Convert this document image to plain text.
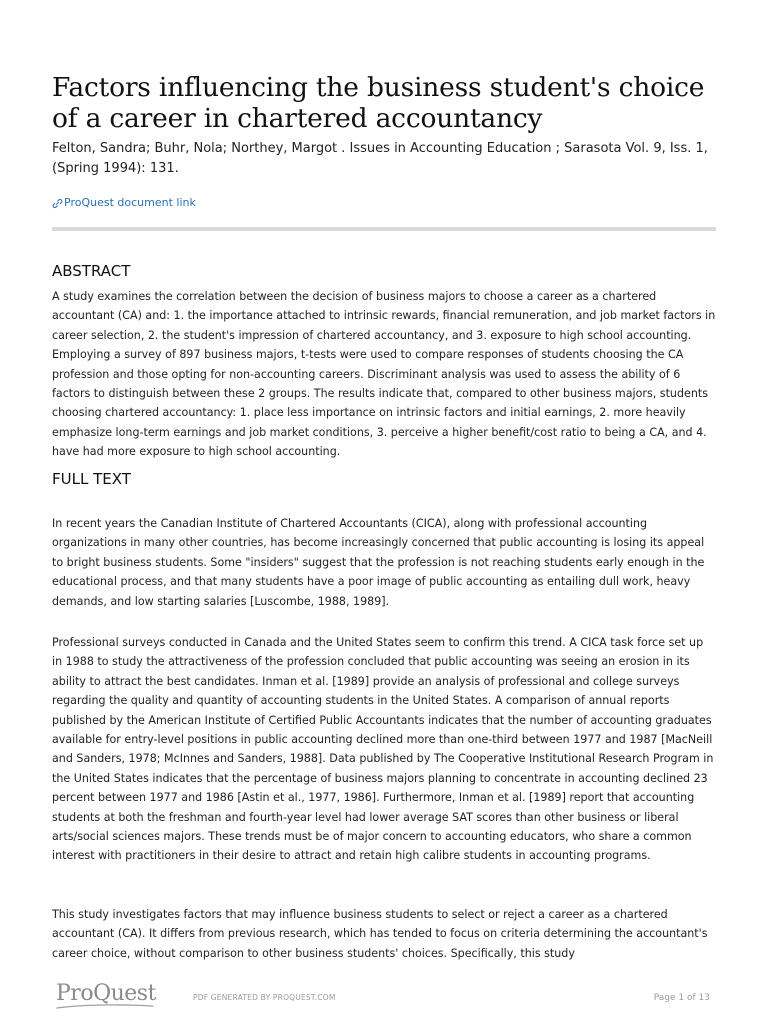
Factors influencing the business student's choice of a career in chartered accountancy

Felton, Sandra; Buhr, Nola; Northey, Margot . Issues in Accounting Education ; Sarasota Vol. 9, Iss. 1, (Spring 1994): 131.

ProQuest document link
ABSTRACT

A study examines the correlation between the decision of business majors to choose a career as a chartered accountant (CA) and: 1. the importance attached to intrinsic rewards, financial remuneration, and job market factors in career selection, 2. the student's impression of chartered accountancy, and 3. exposure to high school accounting. Employing a survey of 897 business majors, t-tests were used to compare responses of students choosing the CA profession and those opting for non-accounting careers. Discriminant analysis was used to assess the ability of 6 factors to distinguish between these 2 groups. The results indicate that, compared to other business majors, students choosing chartered accountancy: 1. place less importance on intrinsic factors and initial earnings, 2. more heavily emphasize long-term earnings and job market conditions, 3. perceive a higher benefit/cost ratio to being a CA, and 4. have had more exposure to high school accounting.

FULL TEXT

In recent years the Canadian Institute of Chartered Accountants (CICA), along with professional accounting organizations in many other countries, has become increasingly concerned that public accounting is losing its appeal to bright business students. Some "insiders" suggest that the profession is not reaching students early enough in the educational process, and that many students have a poor image of public accounting as entailing dull work, heavy demands, and low starting salaries [Luscombe, 1988, 1989].

Professional surveys conducted in Canada and the United States seem to confirm this trend. A CICA task force set up in 1988 to study the attractiveness of the profession concluded that public accounting was seeing an erosion in its ability to attract the best candidates. Inman et al. [1989] provide an analysis of professional and college surveys regarding the quality and quantity of accounting students in the United States. A comparison of annual reports published by the American Institute of Certified Public Accountants indicates that the number of accounting graduates available for entry-level positions in public accounting declined more than one-third between 1977 and 1987 [MacNeill and Sanders, 1978; McInnes and Sanders, 1988]. Data published by The Cooperative Institutional Research Program in the United States indicates that the percentage of business majors planning to concentrate in accounting declined 23 percent between 1977 and 1986 [Astin et al., 1977, 1986]. Furthermore, Inman et al. [1989] report that accounting students at both the freshman and fourth-year level had lower average SAT scores than other business or liberal arts/social sciences majors. These trends must be of major concern to accounting educators, who share a common interest with practitioners in their desire to attract and retain high calibre students in accounting programs.

This study investigates factors that may influence business students to select or reject a career as a chartered accountant (CA). It differs from previous research, which has tended to focus on criteria determining the accountant's career choice, without comparison to other business students' choices. Specifically, this study

ProQuest	PDF GENERATED BY PROQUEST.COM	Page 1 of 13
